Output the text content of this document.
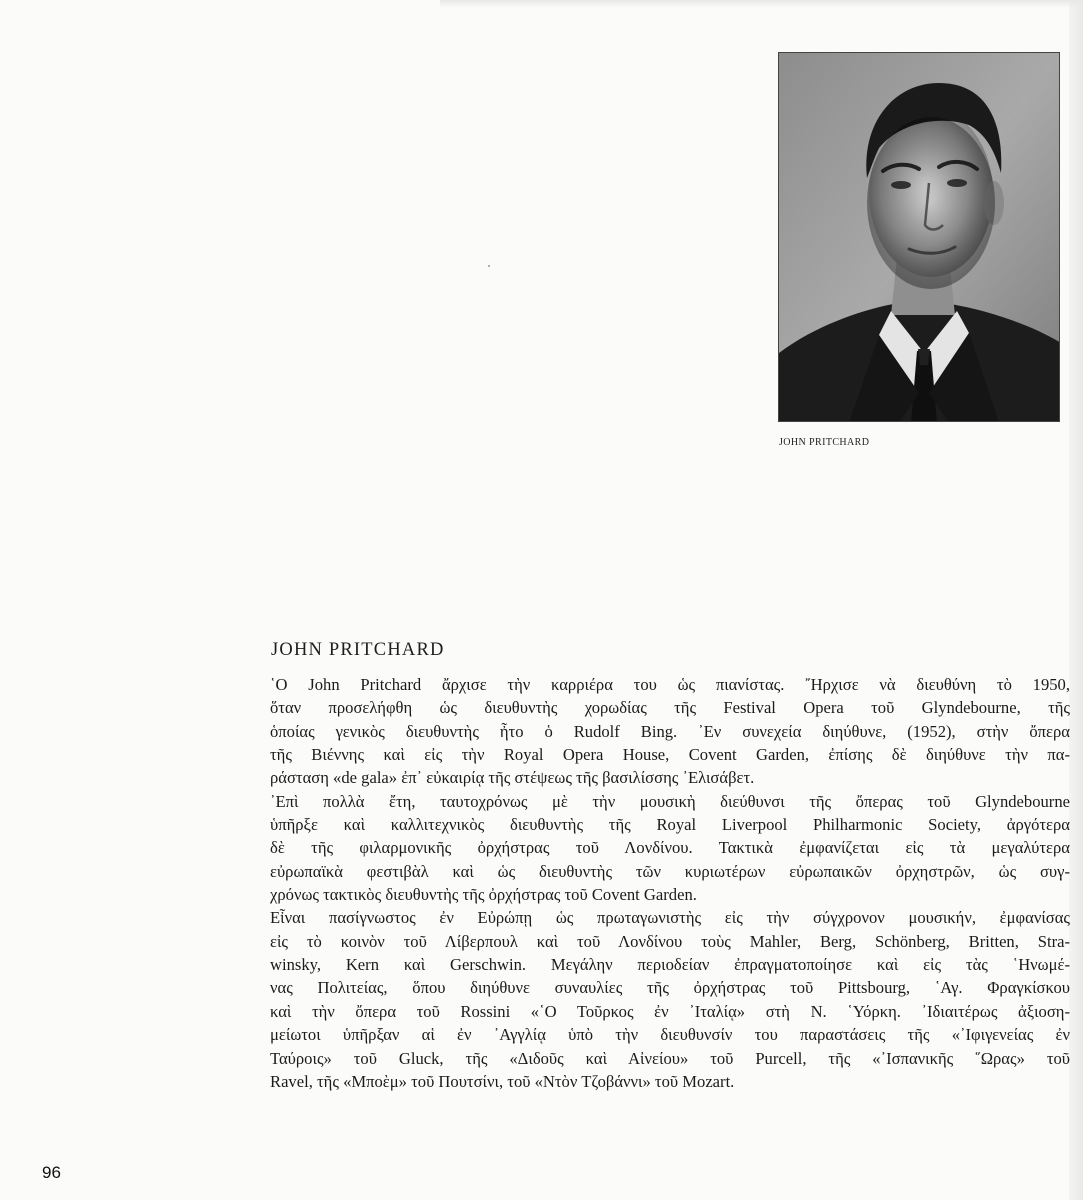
JOHN PRITCHARD
JOHN PRITCHARD
῾Ο John Pritchard ἄρχισε τὴν καρριέρα του ὡς πιανίστας. ῎Ηρχισε νὰ διευθύνη τὸ 1950,
ὅταν προσελήφθη ὡς διευθυντὴς χορωδίας τῆς Festival Opera τοῦ Glyndebourne, τῆς
ὁποίας γενικὸς διευθυντὴς ἦτο ὁ Rudolf Bing. ᾽Εν συνεχεία διηύθυνε, (1952), στὴν ὄπερα
τῆς Βιέννης καὶ εἰς τὴν Royal Opera House, Covent Garden, ἐπίσης δὲ διηύθυνε τὴν πα-
ράσταση «de gala» ἐπ᾽ εὐκαιρίᾳ τῆς στέψεως τῆς βασιλίσσης ᾽Ελισάβετ.
᾽Επὶ πολλὰ ἔτη, ταυτοχρόνως μὲ τὴν μουσικὴ διεύθυνσι τῆς ὄπερας τοῦ Glyndebourne
ὑπῆρξε καὶ καλλιτεχνικὸς διευθυντὴς τῆς Royal Liverpool Philharmonic Society, ἀργότερα
δὲ τῆς φιλαρμονικῆς ὀρχήστρας τοῦ Λονδίνου. Τακτικὰ ἐμφανίζεται εἰς τὰ μεγαλύτερα
εὐρωπαϊκὰ φεστιβὰλ καὶ ὡς διευθυντὴς τῶν κυριωτέρων εὐρωπαικῶν ὀρχηστρῶν, ὡς συγ-
χρόνως τακτικὸς διευθυντὴς τῆς ὀρχήστρας τοῦ Covent Garden.
Εἶναι πασίγνωστος ἐν Εὐρώπῃ ὡς πρωταγωνιστὴς εἰς τὴν σύγχρονον μουσικήν, ἐμφανίσας
εἰς τὸ κοινὸν τοῦ Λίβερπουλ καὶ τοῦ Λονδίνου τοὺς Mahler, Berg, Schönberg, Britten, Stra-
winsky, Kern καὶ Gerschwin. Μεγάλην περιοδείαν ἐπραγματοποίησε καὶ εἰς τὰς ῾Ηνωμέ-
νας Πολιτείας, ὅπου διηύθυνε συναυλίες τῆς ὀρχήστρας τοῦ Pittsbourg, ῾Αγ. Φραγκίσκου
καὶ τὴν ὄπερα τοῦ Rossini «῾Ο Τοῦρκος ἐν ᾽Ιταλίᾳ» στὴ Ν. ῾Υόρκη. ᾽Ιδιαιτέρως ἀξιοση-
μείωτοι ὑπῆρξαν αἱ ἐν ᾽Αγγλίᾳ ὑπὸ τὴν διευθυνσίν του παραστάσεις τῆς «᾽Ιφιγενείας ἐν
Ταύροις» τοῦ Gluck, τῆς «Διδοῦς καὶ Αἰνείου» τοῦ Purcell, τῆς «᾽Ισπανικῆς ῞Ωρας» τοῦ
Ravel, τῆς «Μποὲμ» τοῦ Πουτσίνι, τοῦ «Ντὸν Τζοβάννι» τοῦ Mozart.
96
